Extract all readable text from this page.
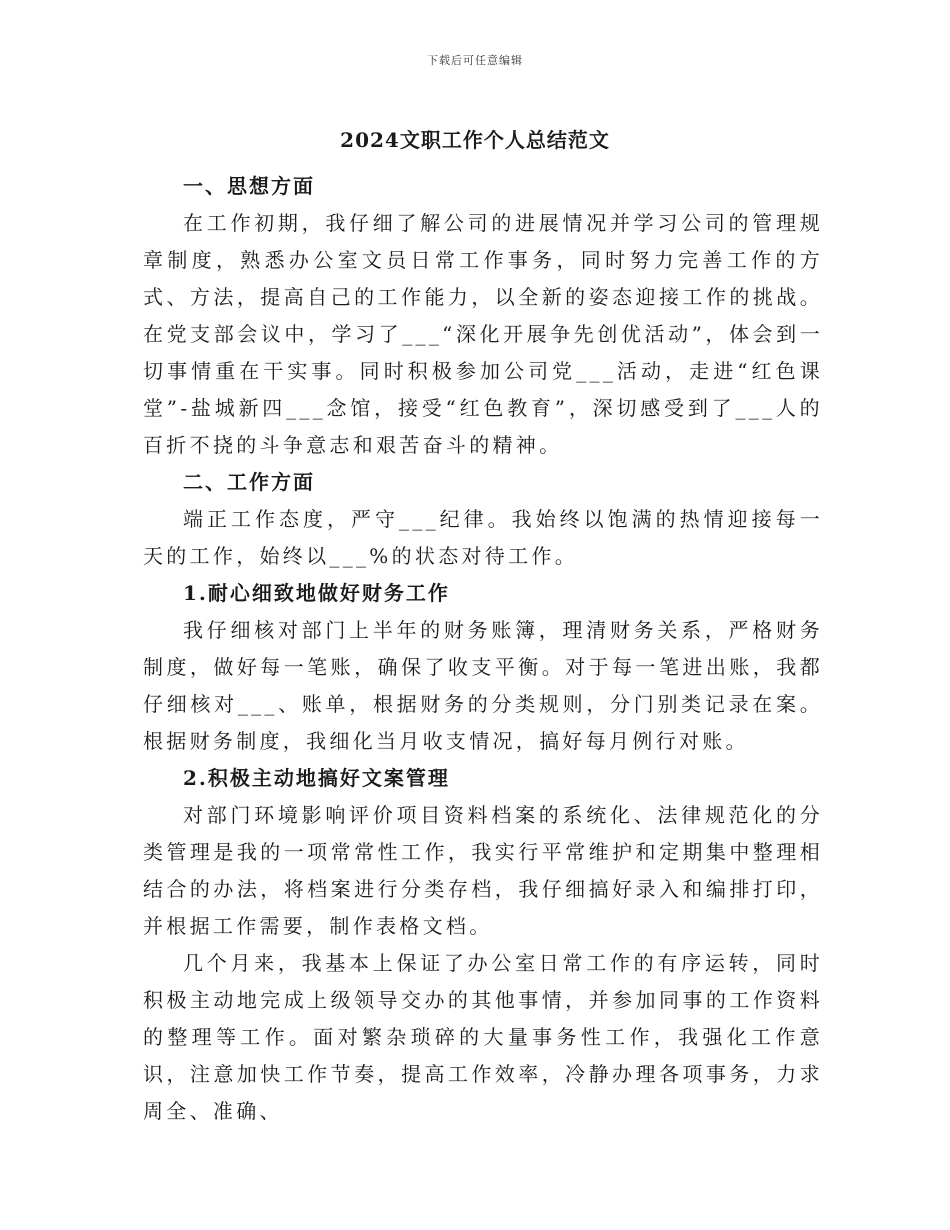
下载后可任意编辑
2024文职工作个人总结范文
一、思想方面

在工作初期，我仔细了解公司的进展情况并学习公司的管理规章制度，熟悉办公室文员日常工作事务，同时努力完善工作的方式、方法，提高自己的工作能力，以全新的姿态迎接工作的挑战。在党支部会议中，学习了___“深化开展争先创优活动”，体会到一切事情重在干实事。同时积极参加公司党___活动，走进“红色课堂”-盐城新四___念馆，接受“红色教育”，深切感受到了___人的百折不挠的斗争意志和艰苦奋斗的精神。

二、工作方面

端正工作态度，严守___纪律。我始终以饱满的热情迎接每一天的工作，始终以___%的状态对待工作。

1.耐心细致地做好财务工作

我仔细核对部门上半年的财务账簿，理清财务关系，严格财务制度，做好每一笔账，确保了收支平衡。对于每一笔进出账，我都仔细核对___、账单，根据财务的分类规则，分门别类记录在案。根据财务制度，我细化当月收支情况，搞好每月例行对账。

2.积极主动地搞好文案管理

对部门环境影响评价项目资料档案的系统化、法律规范化的分类管理是我的一项常常性工作，我实行平常维护和定期集中整理相结合的办法，将档案进行分类存档，我仔细搞好录入和编排打印，并根据工作需要，制作表格文档。

几个月来，我基本上保证了办公室日常工作的有序运转，同时积极主动地完成上级领导交办的其他事情，并参加同事的工作资料的整理等工作。面对繁杂琐碎的大量事务性工作，我强化工作意识，注意加快工作节奏，提高工作效率，冷静办理各项事务，力求周全、准确、
